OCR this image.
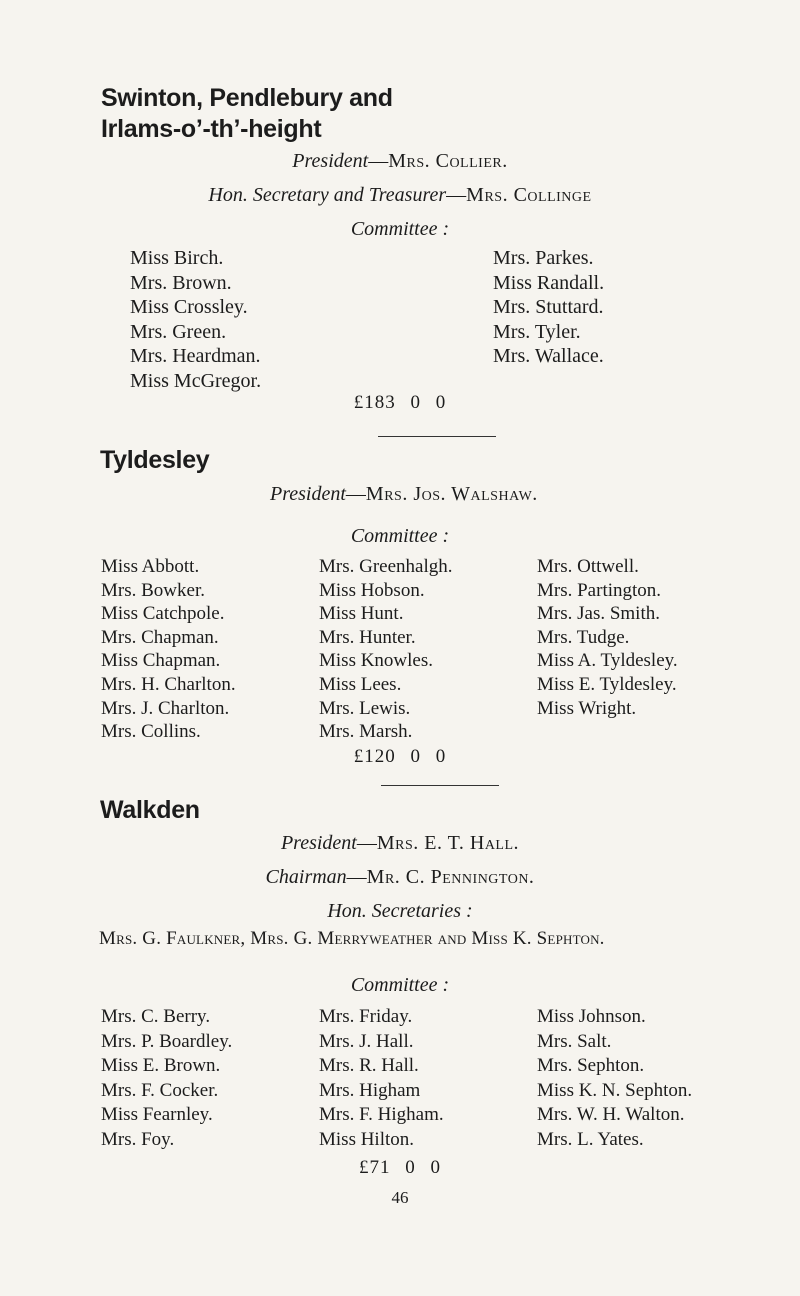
Swinton, Pendlebury and
Irlams-o’-th’-height
President—Mrs. Collier.
Hon. Secretary and Treasurer—Mrs. Collinge
Committee :
Miss Birch.
Mrs. Brown.
Miss Crossley.
Mrs. Green.
Mrs. Heardman.
Miss McGregor.
Mrs. Parkes.
Miss Randall.
Mrs. Stuttard.
Mrs. Tyler.
Mrs. Wallace.
£183 0 0
Tyldesley
President—Mrs. Jos. Walshaw.
Committee :
Miss Abbott.
Mrs. Bowker.
Miss Catchpole.
Mrs. Chapman.
Miss Chapman.
Mrs. H. Charlton.
Mrs. J. Charlton.
Mrs. Collins.
Mrs. Greenhalgh.
Miss Hobson.
Miss Hunt.
Mrs. Hunter.
Miss Knowles.
Miss Lees.
Mrs. Lewis.
Mrs. Marsh.
Mrs. Ottwell.
Mrs. Partington.
Mrs. Jas. Smith.
Mrs. Tudge.
Miss A. Tyldesley.
Miss E. Tyldesley.
Miss Wright.
£120 0 0
Walkden
President—Mrs. E. T. Hall.
Chairman—Mr. C. Pennington.
Hon. Secretaries :
Mrs. G. Faulkner, Mrs. G. Merryweather and Miss K. Sephton.
Committee :
Mrs. C. Berry.
Mrs. P. Boardley.
Miss E. Brown.
Mrs. F. Cocker.
Miss Fearnley.
Mrs. Foy.
Mrs. Friday.
Mrs. J. Hall.
Mrs. R. Hall.
Mrs. Higham
Mrs. F. Higham.
Miss Hilton.
Miss Johnson.
Mrs. Salt.
Mrs. Sephton.
Miss K. N. Sephton.
Mrs. W. H. Walton.
Mrs. L. Yates.
£71 0 0
46
